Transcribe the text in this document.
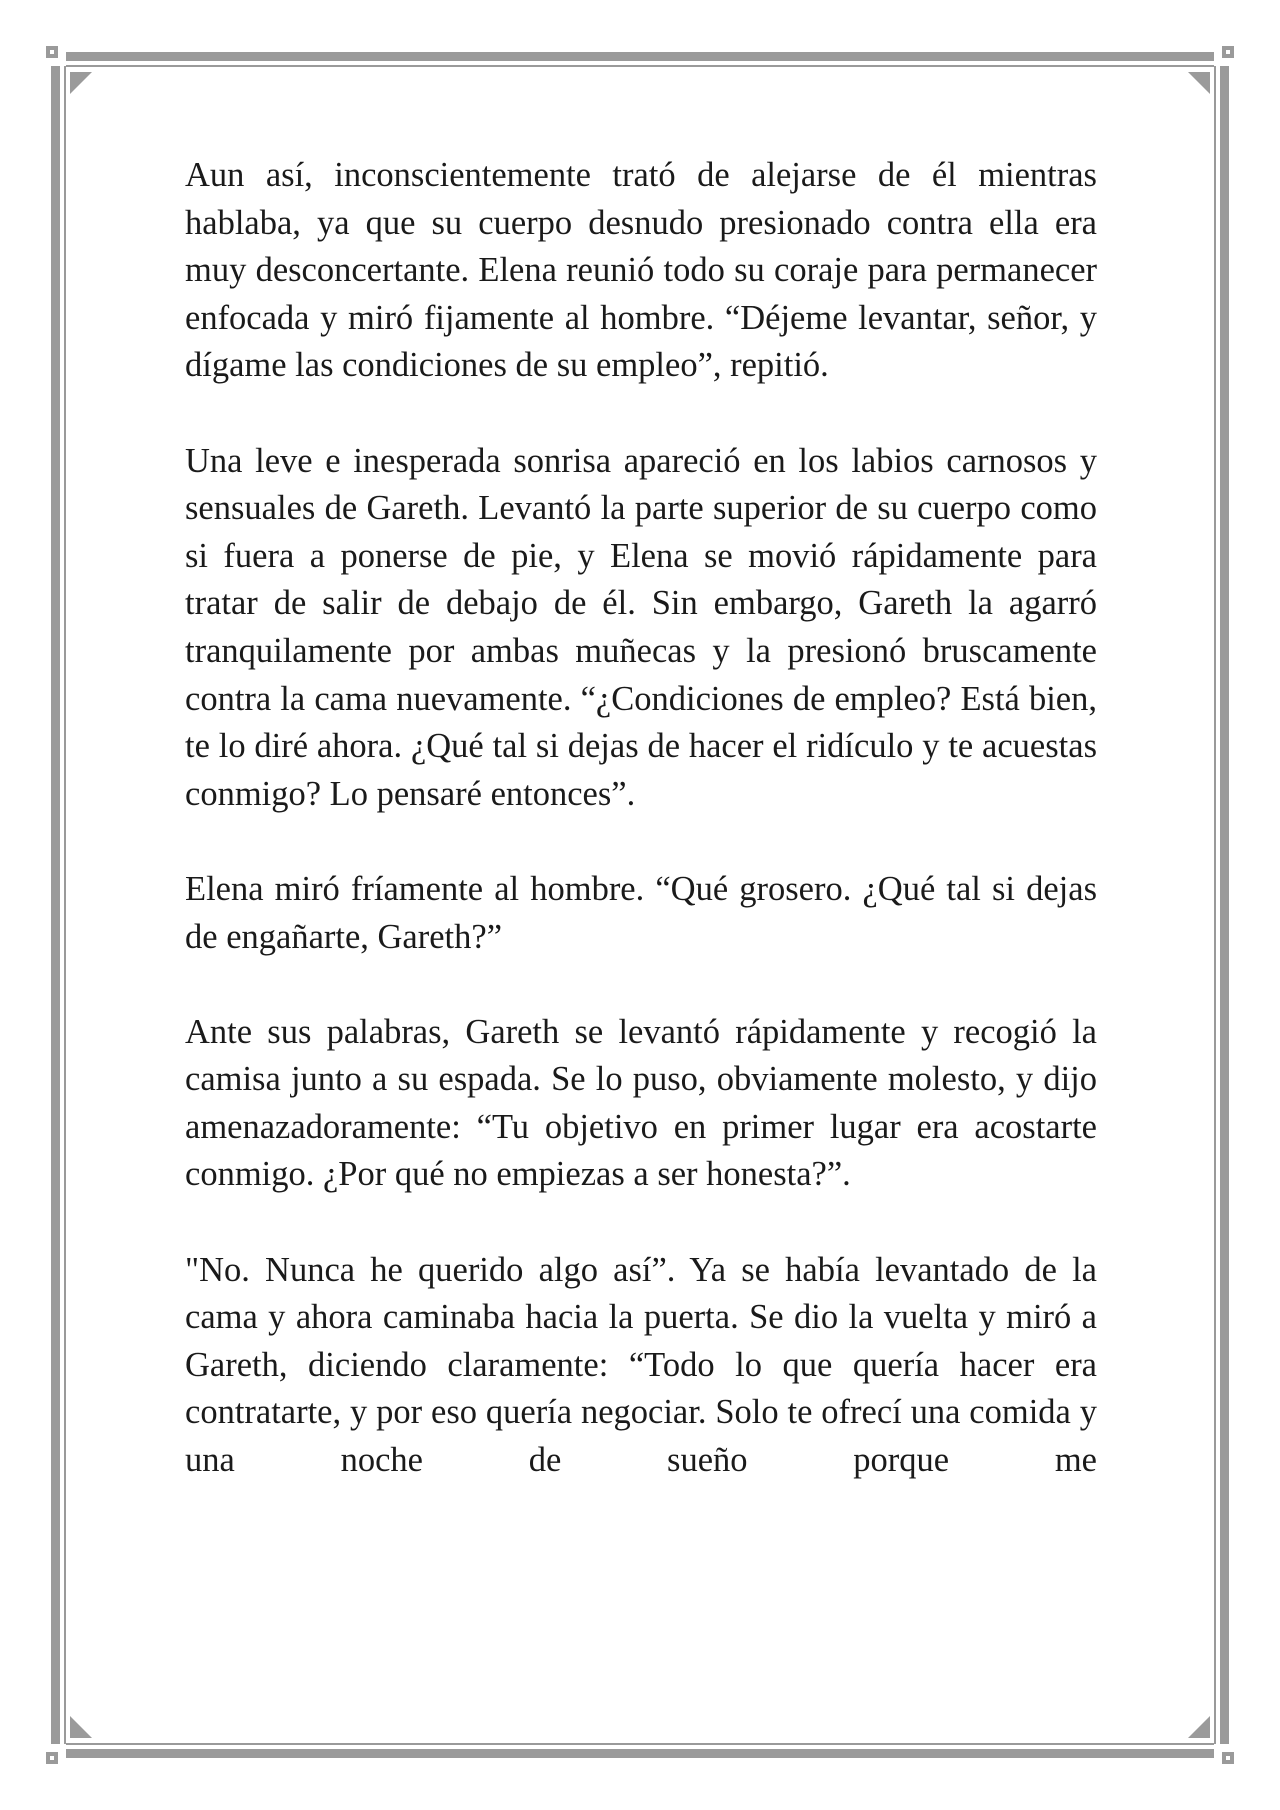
Aun así, inconscientemente trató de alejarse de él mientras hablaba, ya que su cuerpo desnudo presionado contra ella era muy desconcertante. Elena reunió todo su coraje para permanecer enfocada y miró fijamente al hombre. “Déjeme levantar, señor, y dígame las condiciones de su empleo”, repitió.

Una leve e inesperada sonrisa apareció en los labios carnosos y sensuales de Gareth. Levantó la parte superior de su cuerpo como si fuera a ponerse de pie, y Elena se movió rápidamente para tratar de salir de debajo de él. Sin embargo, Gareth la agarró tranquilamente por ambas muñecas y la presionó bruscamente contra la cama nuevamente. “¿Condiciones de empleo? Está bien, te lo diré ahora. ¿Qué tal si dejas de hacer el ridículo y te acuestas conmigo? Lo pensaré entonces”.

Elena miró fríamente al hombre. “Qué grosero. ¿Qué tal si dejas de engañarte, Gareth?”

Ante sus palabras, Gareth se levantó rápidamente y recogió la camisa junto a su espada. Se lo puso, obviamente molesto, y dijo amenazadoramente: “Tu objetivo en primer lugar era acostarte conmigo. ¿Por qué no empiezas a ser honesta?”.

"No. Nunca he querido algo así”. Ya se había levantado de la cama y ahora caminaba hacia la puerta. Se dio la vuelta y miró a Gareth, diciendo claramente: “Todo lo que quería hacer era contratarte, y por eso quería negociar. Solo te ofrecí una comida y una noche de sueño porque me
